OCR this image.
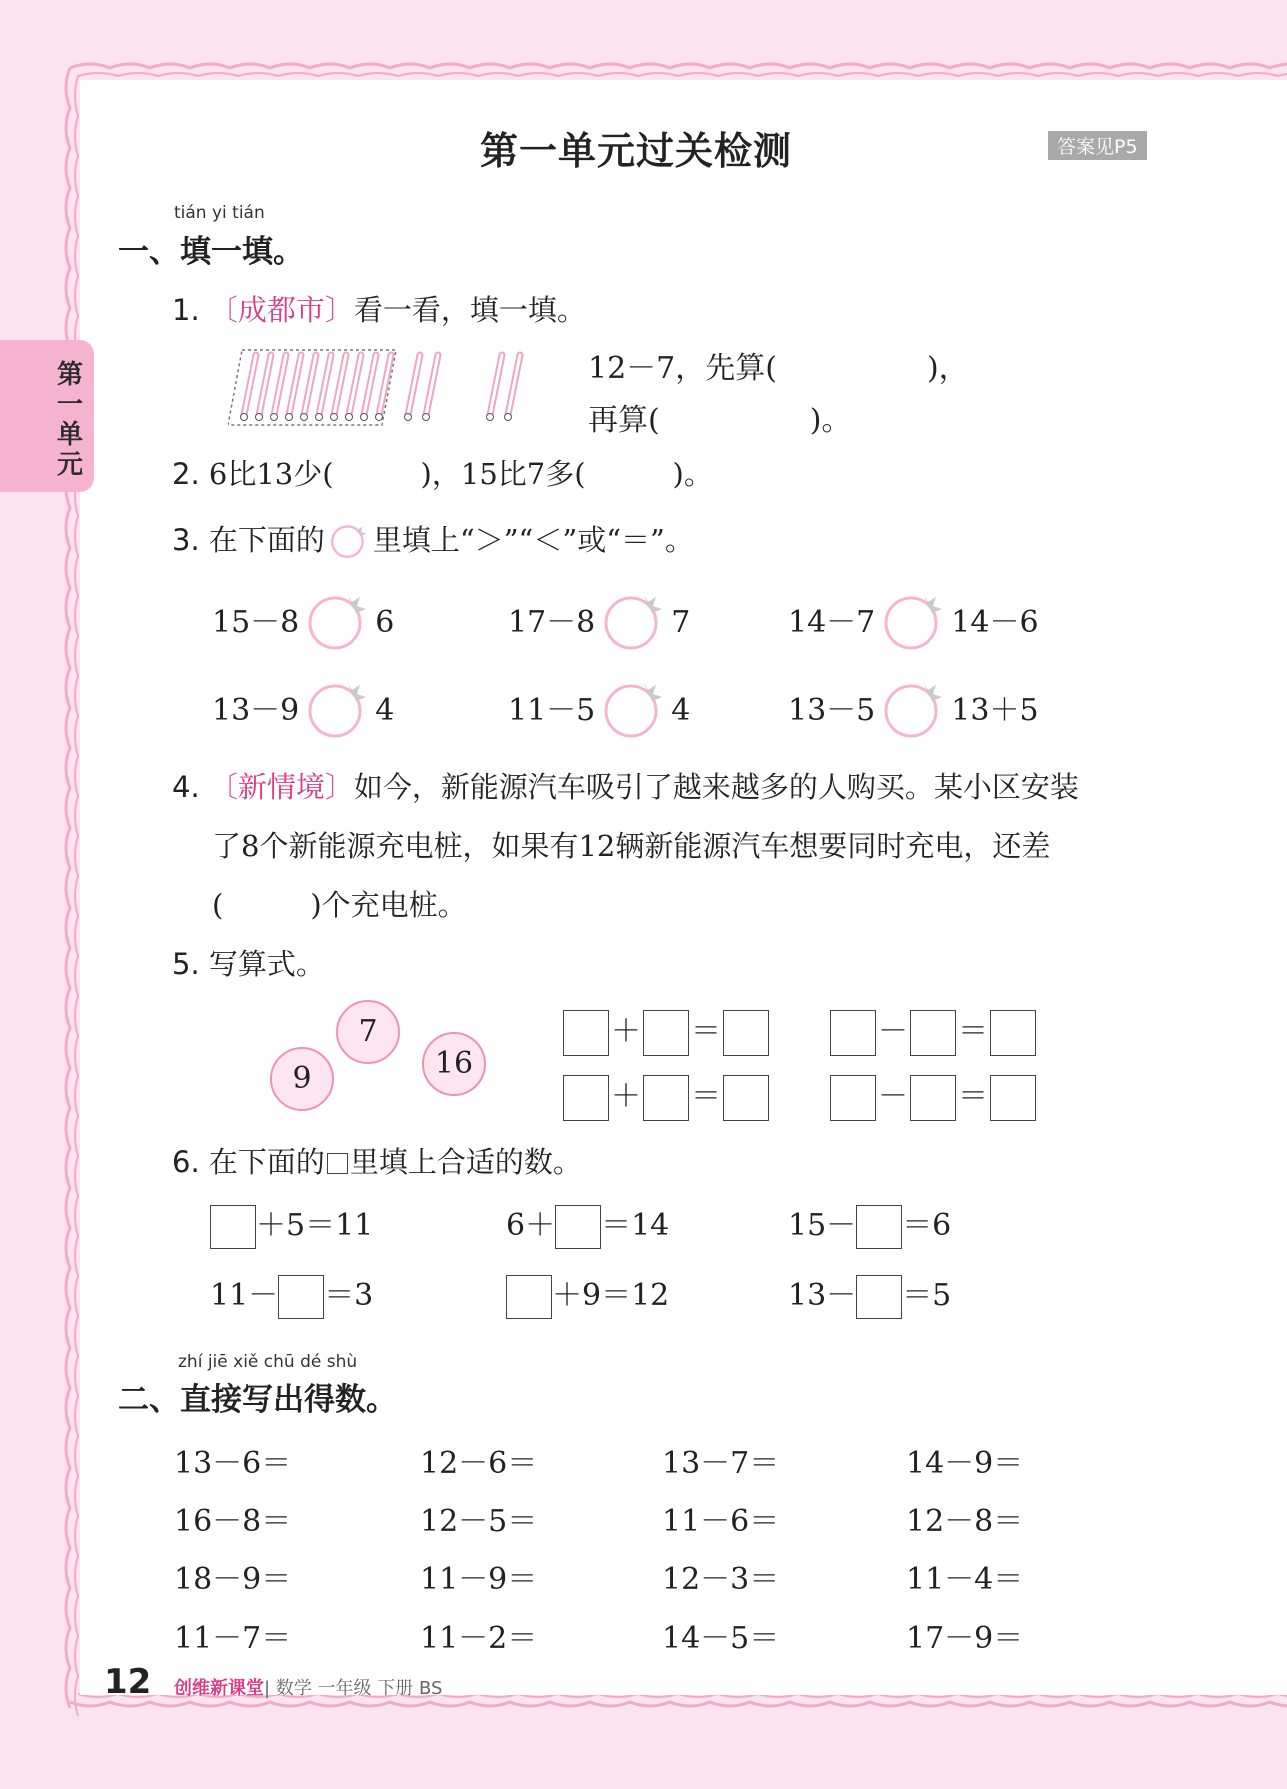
第一单元
第一单元过关检测	答案见P5
tián yi tián
一、填一填。
1. 〔成都市〕看一看，填一填。
12－7，先算(　　　　　)，
再算(　　　　　)。
2. 6比13少(　　　)，15比7多(　　　)。
3. 在下面的 里填上“＞”“＜”或“＝”。
15－8	6	17－8	7	14－7	14－6
13－9	4	11－5	4	13－5	13＋5
4. 〔新情境〕如今，新能源汽车吸引了越来越多的人购买。某小区安装
了8个新能源充电桩，如果有12辆新能源汽车想要同时充电，还差
(　　　)个充电桩。
5. 写算式。
7
9	16
＋ ＝	－ ＝
＋ ＝	－ ＝
6. 在下面的 里填上合适的数。
＋5＝11	6＋ ＝14	15－ ＝6
11－ ＝3	＋9＝12	13－ ＝5
zhí jiē xiě chū dé shù
二、直接写出得数。
13－6＝	12－6＝	13－7＝	14－9＝
16－8＝	12－5＝	11－6＝	12－8＝
18－9＝	11－9＝	12－3＝	11－4＝
11－7＝	11－2＝	14－5＝	17－9＝
12 创维新课堂| 数学 一年级 下册 BS
